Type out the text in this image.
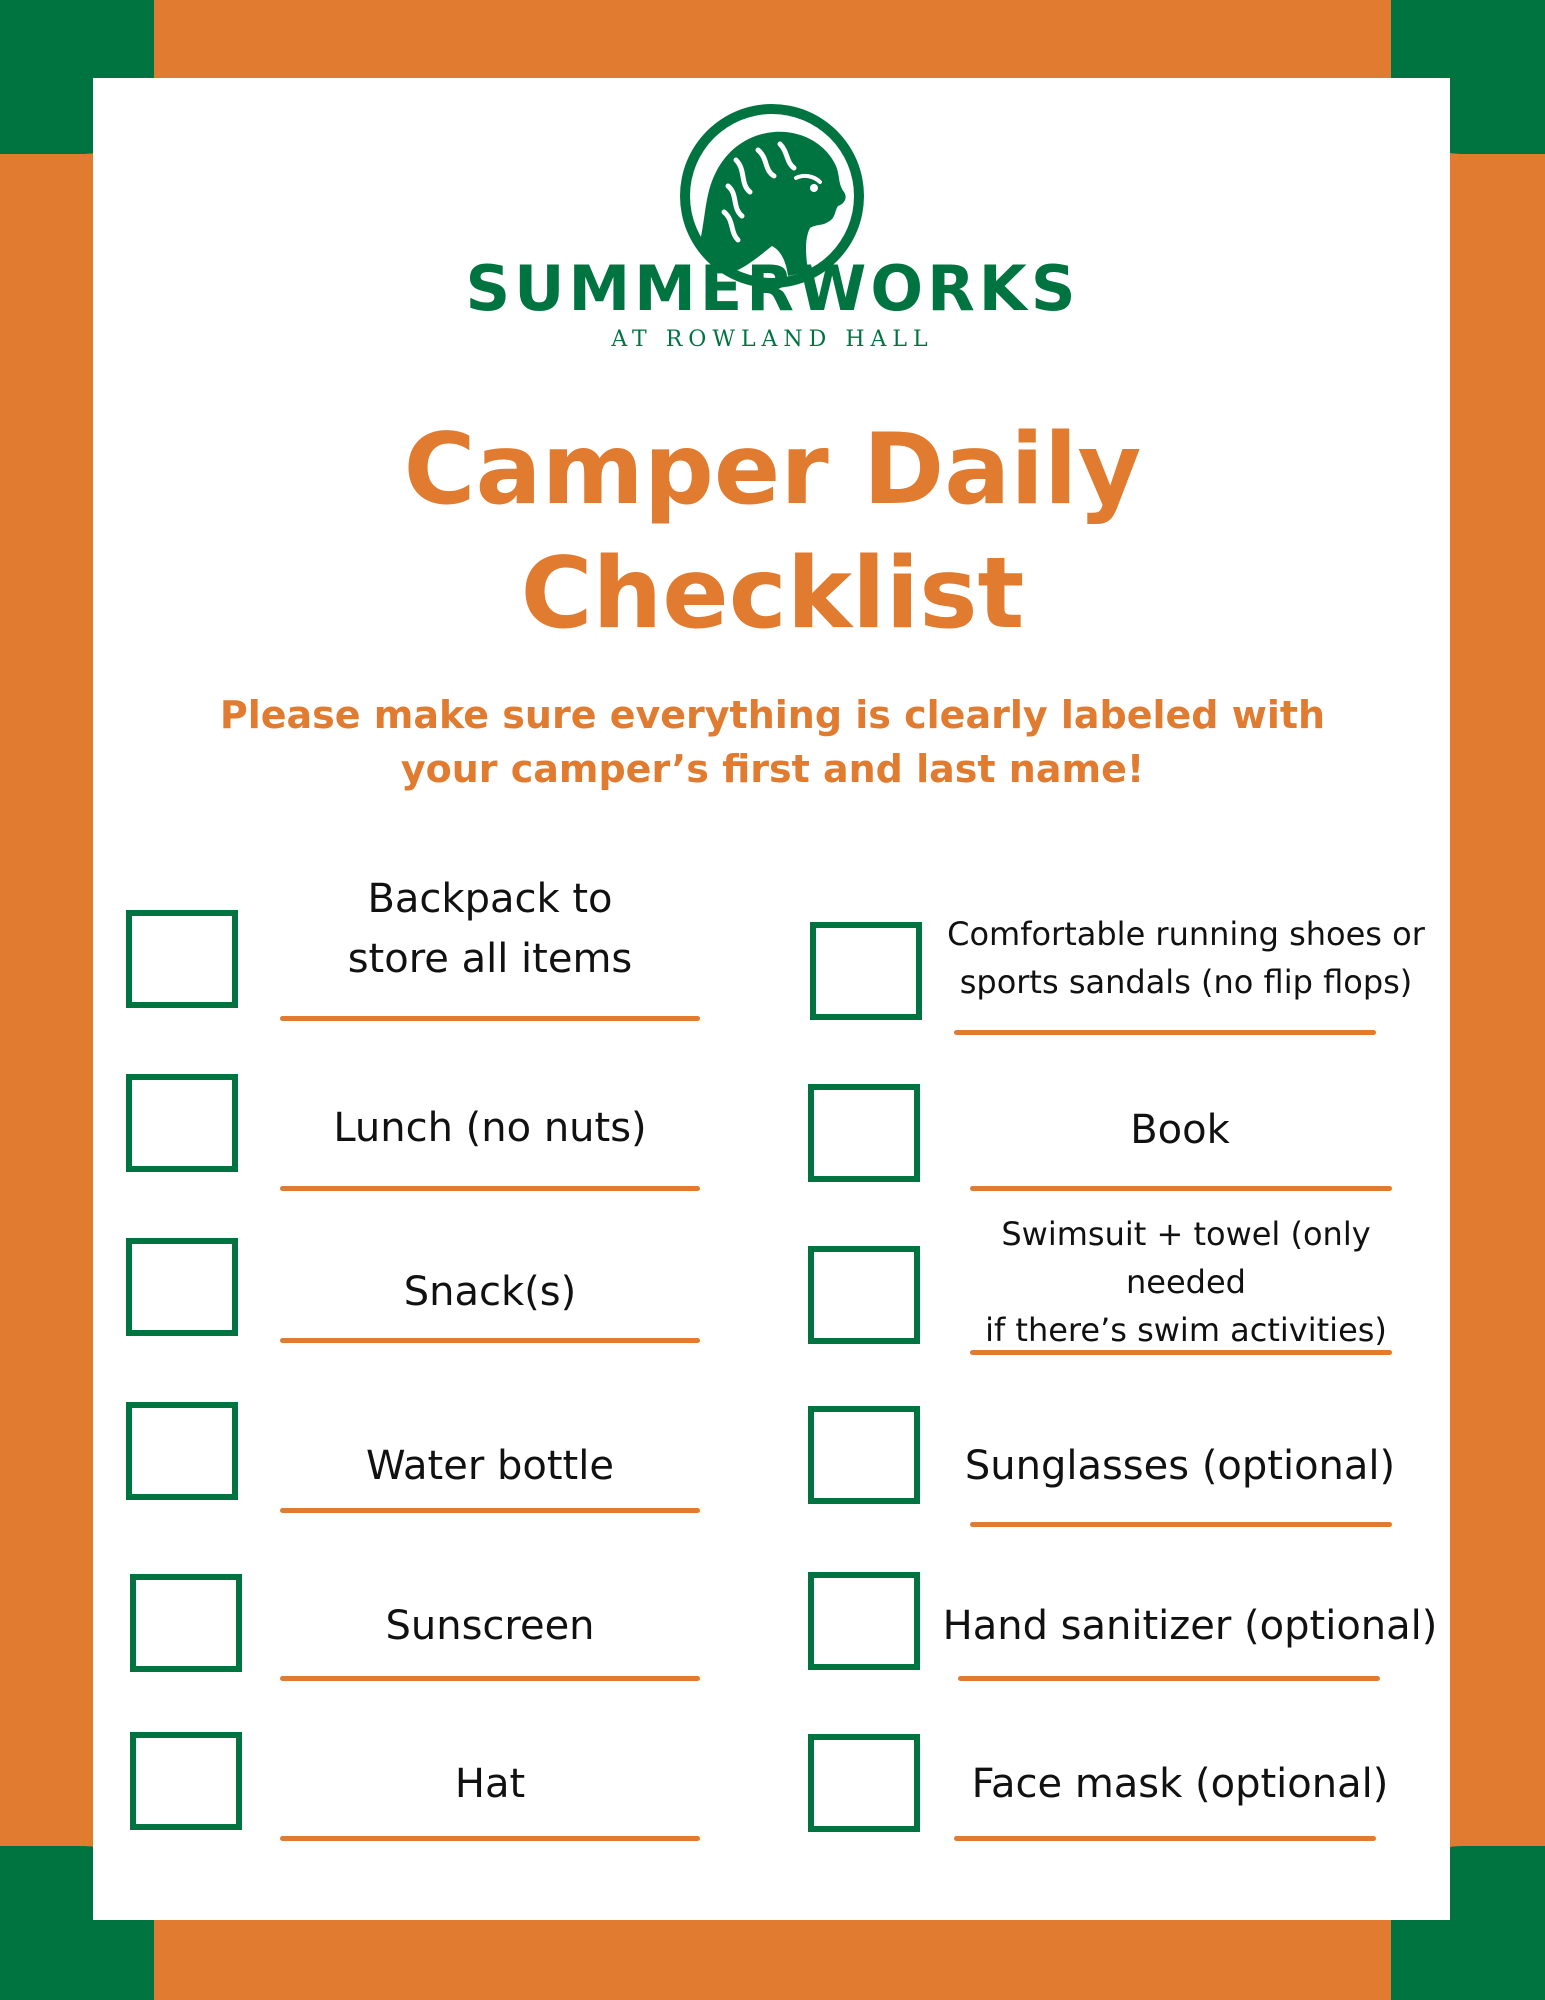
SUMMERWORKS
AT ROWLAND HALL
Camper Daily
Checklist
Please make sure everything is clearly labeled with
your camper’s first and last name!
Backpack to
store all items
Lunch (no nuts)
Snack(s)
Water bottle
Sunscreen
Hat
Comfortable running shoes or
sports sandals (no flip flops)
Book
Swimsuit + towel (only needed
if there’s swim activities)
Sunglasses (optional)
Hand sanitizer (optional)
Face mask (optional)
